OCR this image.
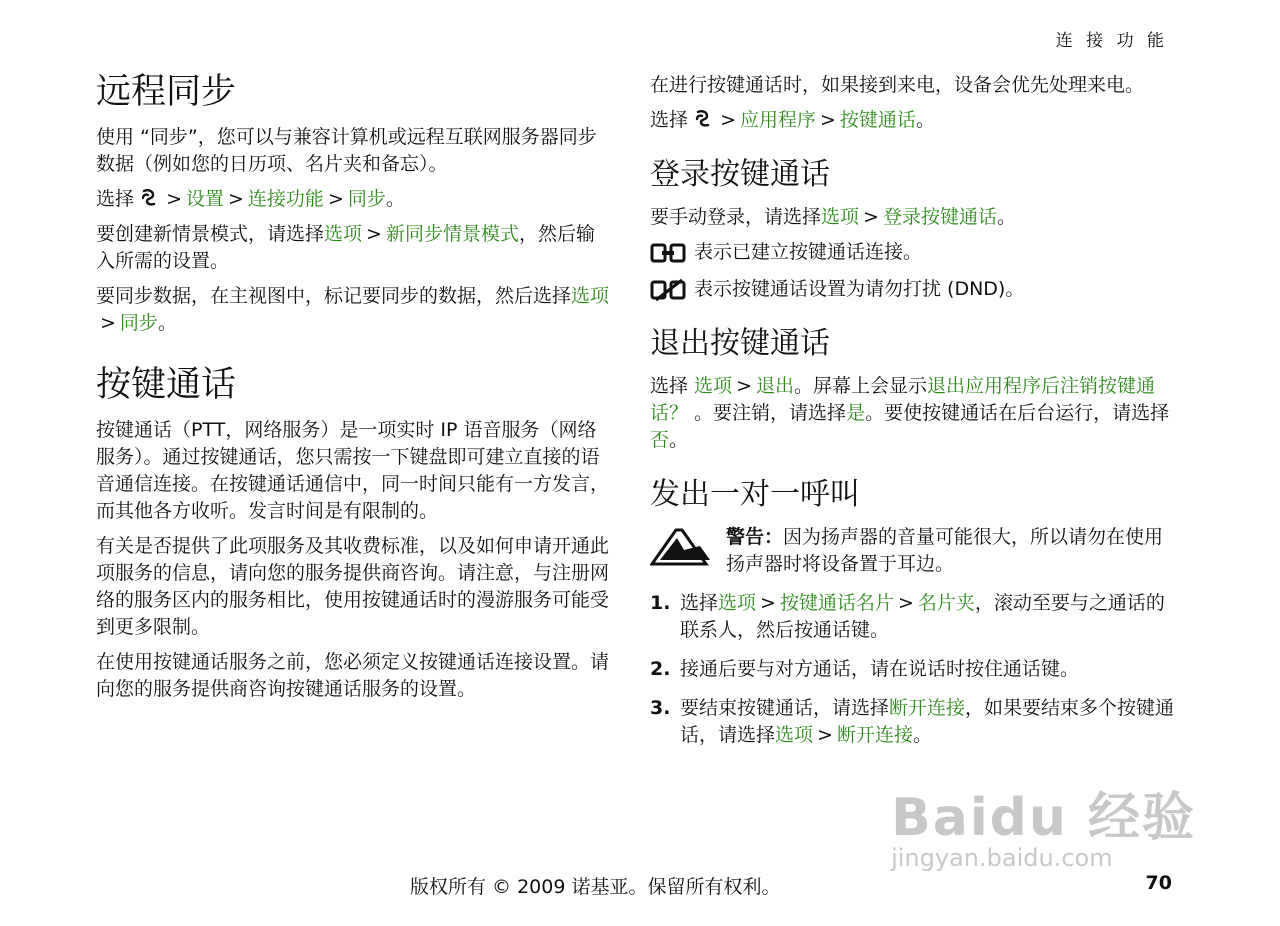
连 接 功 能
远程同步

使用 “同步”，您可以与兼容计算机或远程互联网服务器同步数据（例如您的日历项、名片夹和备忘）。

选择 > 设置 > 连接功能 > 同步。

要创建新情景模式，请选择选项 > 新同步情景模式，然后输入所需的设置。

要同步数据，在主视图中，标记要同步的数据，然后选择选项> 同步。

按键通话

按键通话（PTT，网络服务）是一项实时 IP 语音服务（网络服务）。通过按键通话，您只需按一下键盘即可建立直接的语音通信连接。在按键通话通信中，同一时间只能有一方发言，而其他各方收听。发言时间是有限制的。

有关是否提供了此项服务及其收费标准，以及如何申请开通此项服务的信息，请向您的服务提供商咨询。请注意，与注册网络的服务区内的服务相比，使用按键通话时的漫游服务可能受到更多限制。

在使用按键通话服务之前，您必须定义按键通话连接设置。请向您的服务提供商咨询按键通话服务的设置。

在进行按键通话时，如果接到来电，设备会优先处理来电。

选择 > 应用程序 > 按键通话。

登录按键通话

要手动登录，请选择选项 > 登录按键通话。

表示已建立按键通话连接。
表示按键通话设置为请勿打扰 (DND)。
退出按键通话

选择 选项 > 退出。屏幕上会显示退出应用程序后注销按键通话？ 。要注销，请选择是。要使按键通话在后台运行，请选择否。

发出一对一呼叫

警告：因为扬声器的音量可能很大，所以请勿在使用扬声器时将设备置于耳边。

1. 选择选项 > 按键通话名片 > 名片夹，滚动至要与之通话的联系人，然后按通话键。
2. 接通后要与对方通话，请在说话时按住通话键。
3. 要结束按键通话，请选择断开连接，如果要结束多个按键通话，请选择选项 > 断开连接。
Baidu 经验
jingyan.baidu.com
版权所有 © 2009 诺基亚。保留所有权利。	70
